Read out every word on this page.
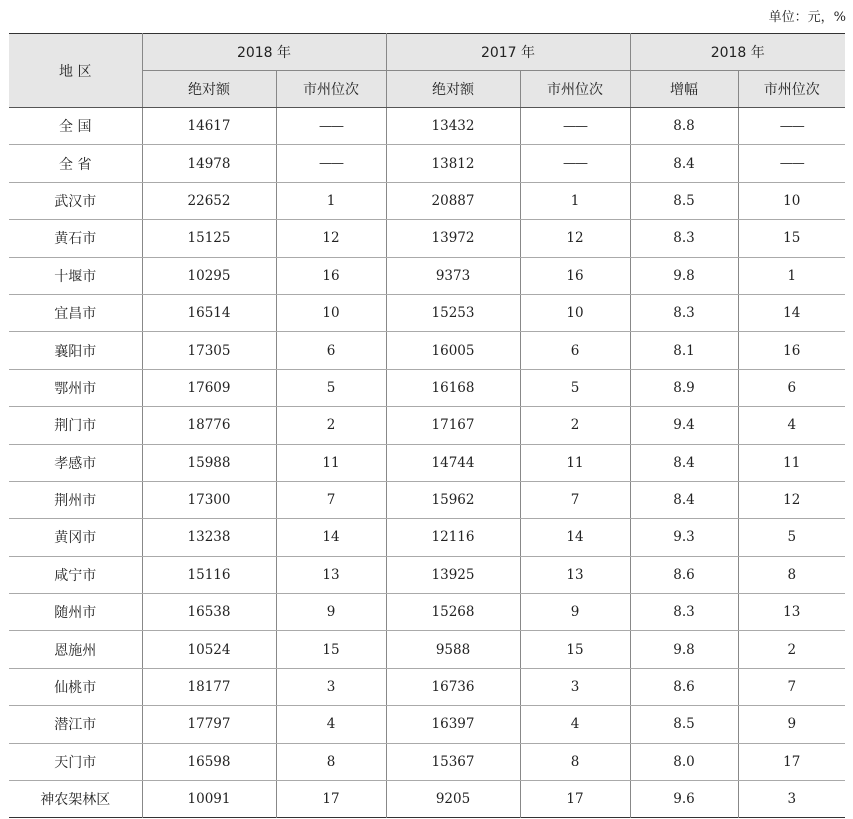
单位：元，%
地 区	2018 年		2017 年		2018 年	
	绝对额	市州位次	绝对额	市州位次	增幅	市州位次
全 国	14617	——	13432	——	8.8	——
全 省	14978	——	13812	——	8.4	——
武汉市	22652	1	20887	1	8.5	10
黄石市	15125	12	13972	12	8.3	15
十堰市	10295	16	9373	16	9.8	1
宜昌市	16514	10	15253	10	8.3	14
襄阳市	17305	6	16005	6	8.1	16
鄂州市	17609	5	16168	5	8.9	6
荆门市	18776	2	17167	2	9.4	4
孝感市	15988	11	14744	11	8.4	11
荆州市	17300	7	15962	7	8.4	12
黄冈市	13238	14	12116	14	9.3	5
咸宁市	15116	13	13925	13	8.6	8
随州市	16538	9	15268	9	8.3	13
恩施州	10524	15	9588	15	9.8	2
仙桃市	18177	3	16736	3	8.6	7
潜江市	17797	4	16397	4	8.5	9
天门市	16598	8	15367	8	8.0	17
神农架林区	10091	17	9205	17	9.6	3
